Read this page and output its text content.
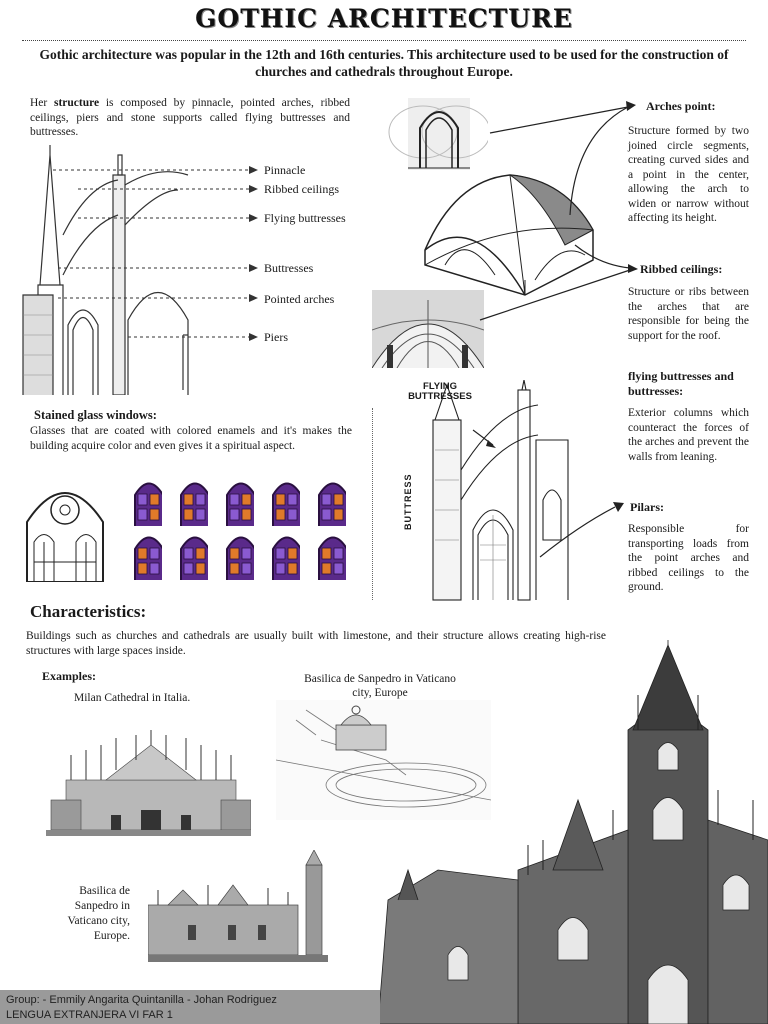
GOTHIC ARCHITECTURE
Gothic architecture was popular in the 12th and 16th centuries. This architecture used to be used for the construction of churches and cathedrals throughout Europe.
Her structure is composed by pinnacle, pointed arches, ribbed ceilings, piers and stone supports called flying buttresses and buttresses.
Pinnacle
Ribbed ceilings
Flying buttresses
Buttresses
Pointed arches
Piers
Arches point:
Structure formed by two joined circle segments, creating curved sides and a point in the center, allowing the arch to widen or narrow without affecting its height.
Ribbed ceilings:
Structure or ribs between the arches that are responsible for being the support for the roof.
flying buttresses and buttresses:
Exterior columns which counteract the forces of the arches and prevent the walls from leaning.
Pilars:
Responsible for transporting loads from the point arches and ribbed ceilings to the ground.
FLYING
BUTTRESSES
BUTTRESS
Stained glass windows:
Glasses that are coated with colored enamels and it's makes the building acquire color and even gives it a spiritual aspect.
Characteristics:
Buildings such as churches and cathedrals are usually built with limestone, and their structure allows creating high-rise structures with large spaces inside.
Examples:
Milan Cathedral in Italia.
Basilica de Sanpedro in Vaticano city, Europe
Basilica de Sanpedro in Vaticano city, Europe.
Group: - Emmily Angarita Quintanilla - Johan Rodriguez
LENGUA EXTRANJERA VI FAR 1
